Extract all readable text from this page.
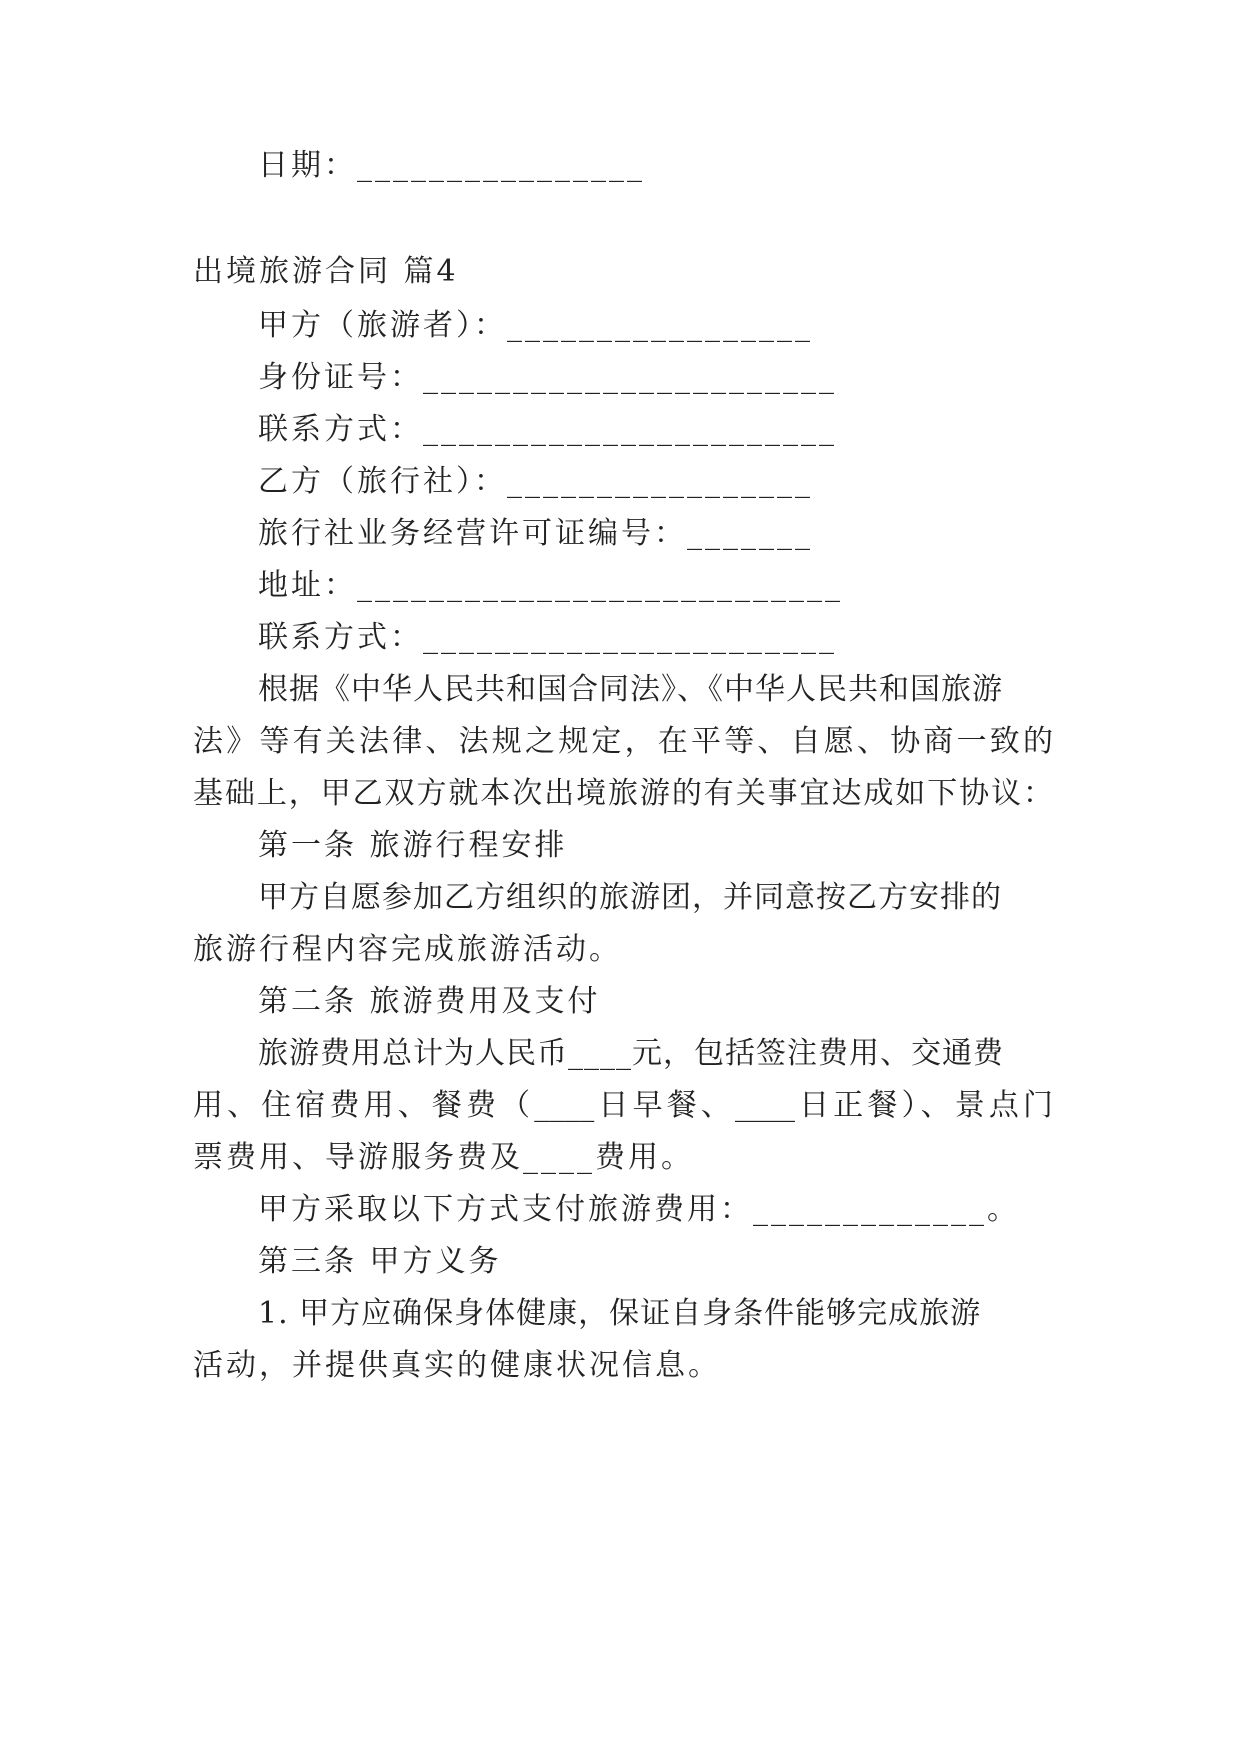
日期：________________
出境旅游合同 篇4
甲方（旅游者）：_________________
身份证号：_______________________
联系方式：_______________________
乙方（旅行社）：_________________
旅行社业务经营许可证编号：_______
地址：___________________________
联系方式：_______________________
根据《中华人民共和国合同法》、《中华人民共和国旅游
法》等有关法律、法规之规定，在平等、自愿、协商一致的
基础上，甲乙双方就本次出境旅游的有关事宜达成如下协议：
第一条 旅游行程安排
甲方自愿参加乙方组织的旅游团，并同意按乙方安排的
旅游行程内容完成旅游活动。
第二条 旅游费用及支付
旅游费用总计为人民币____元，包括签注费用、交通费
用、住宿费用、餐费（____日早餐、____日正餐）、景点门
票费用、导游服务费及____费用。
甲方采取以下方式支付旅游费用：_____________。
第三条 甲方义务
1. 甲方应确保身体健康，保证自身条件能够完成旅游
活动，并提供真实的健康状况信息。
